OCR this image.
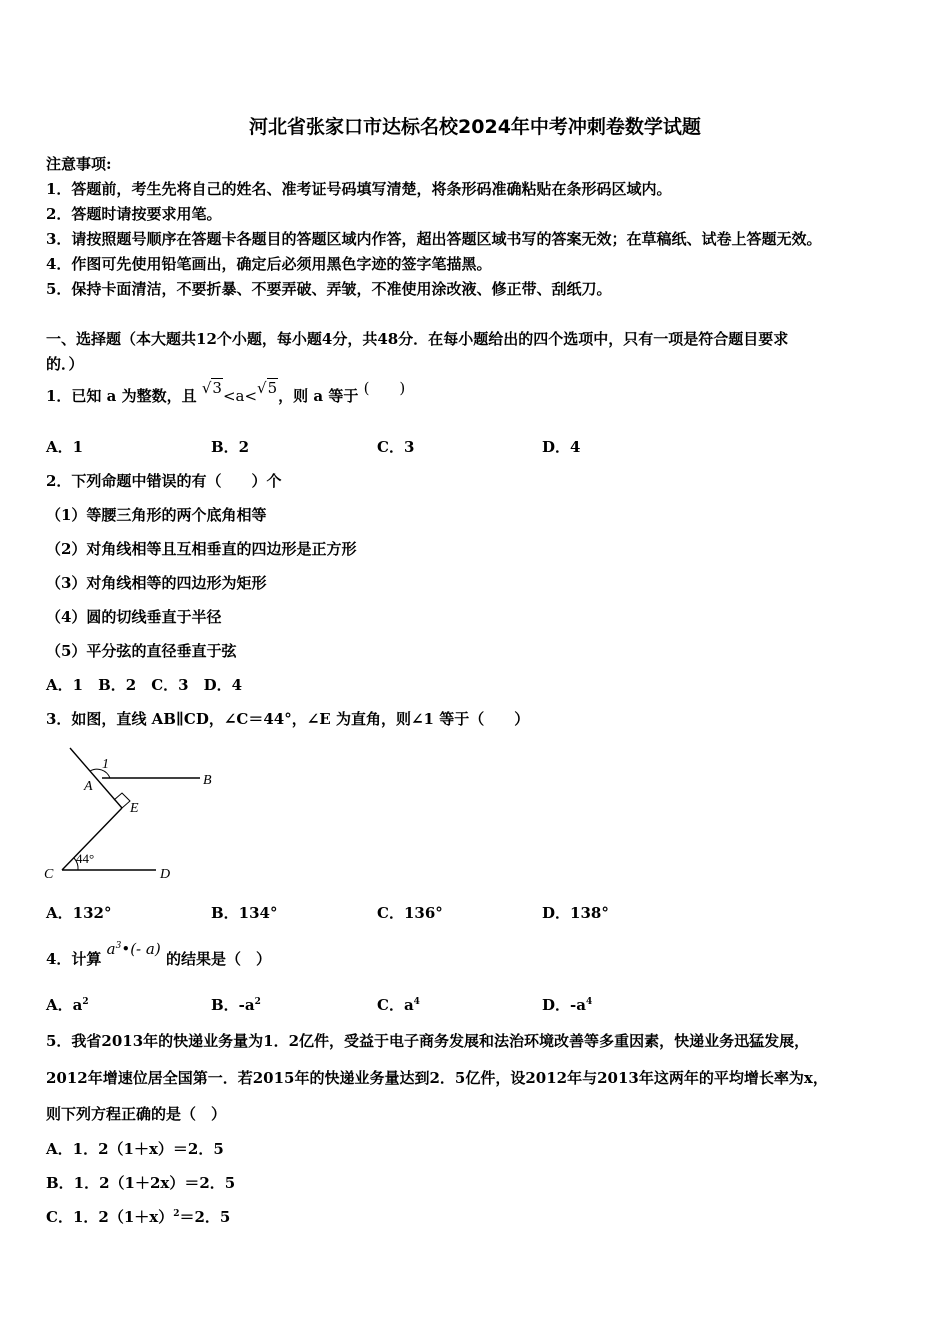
河北省张家口市达标名校2024年中考冲刺卷数学试题
注意事项:
1．答题前，考生先将自己的姓名、准考证号码填写清楚，将条形码准确粘贴在条形码区域内。
2．答题时请按要求用笔。
3．请按照题号顺序在答题卡各题目的答题区域内作答，超出答题区域书写的答案无效；在草稿纸、试卷上答题无效。
4．作图可先使用铅笔画出，确定后必须用黑色字迹的签字笔描黑。
5．保持卡面清洁，不要折暴、不要弄破、弄皱，不准使用涂改液、修正带、刮纸刀。
一、选择题（本大题共12个小题，每小题4分，共48分．在每小题给出的四个选项中，只有一项是符合题目要求
的．）
1．已知 a 为整数，且 √3<a<√5，则 a 等于 (　　)
A．1	B．2	C．3	D．4
2．下列命题中错误的有（　　）个
（1）等腰三角形的两个底角相等
（2）对角线相等且互相垂直的四边形是正方形
（3）对角线相等的四边形为矩形
（4）圆的切线垂直于半径
（5）平分弦的直径垂直于弦
A．1　B．2　C．3　D．4
3．如图，直线 AB∥CD，∠C＝44°，∠E 为直角，则∠1 等于（　　）
1
A	B
E
C	D
44°
A．132°	B．134°	C．136°	D．138°
4．计算 $a^3•(-$ a) 的结果是（　）
A．$a^2$	B．$-a^2$	C．$a^4$	D．$-a^4$
5．我省2013年的快递业务量为1．2亿件，受益于电子商务发展和法治环境改善等多重因素，快递业务迅猛发展，
2012年增速位居全国第一．若2015年的快递业务量达到2．5亿件，设2012年与2013年这两年的平均增长率为x，
则下列方程正确的是（　）
A．1．2（1＋x）＝2．5
B．1．2（1＋2x）＝2．5
C．1．$2(1+x)^2=2$．5
